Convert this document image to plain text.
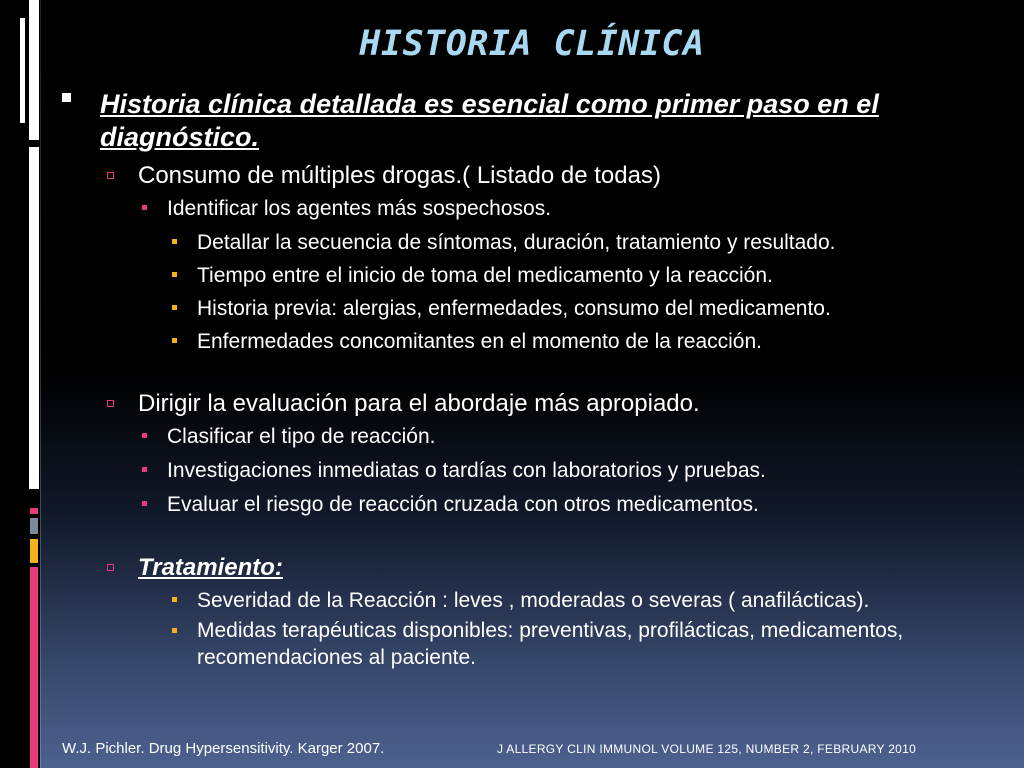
HISTORIA CLÍNICA
Historia clínica detallada es esencial como primer paso en el diagnóstico.
Consumo de múltiples drogas.( Listado de todas)
Identificar los agentes más sospechosos.
Detallar la secuencia de síntomas, duración, tratamiento y resultado.
Tiempo entre el inicio de toma del medicamento y la reacción.
Historia previa: alergias, enfermedades, consumo del medicamento.
Enfermedades concomitantes en el momento de la reacción.
Dirigir la evaluación para el abordaje más apropiado.
Clasificar el tipo de reacción.
Investigaciones inmediatas o tardías con laboratorios y pruebas.
Evaluar el riesgo de reacción cruzada con otros medicamentos.
Tratamiento:
Severidad de la Reacción : leves , moderadas o severas ( anafilácticas).
Medidas terapéuticas disponibles: preventivas, profilácticas, medicamentos, recomendaciones al paciente.
W.J. Pichler. Drug Hypersensitivity. Karger 2007.	J ALLERGY CLIN IMMUNOL VOLUME 125, NUMBER 2, FEBRUARY 2010
